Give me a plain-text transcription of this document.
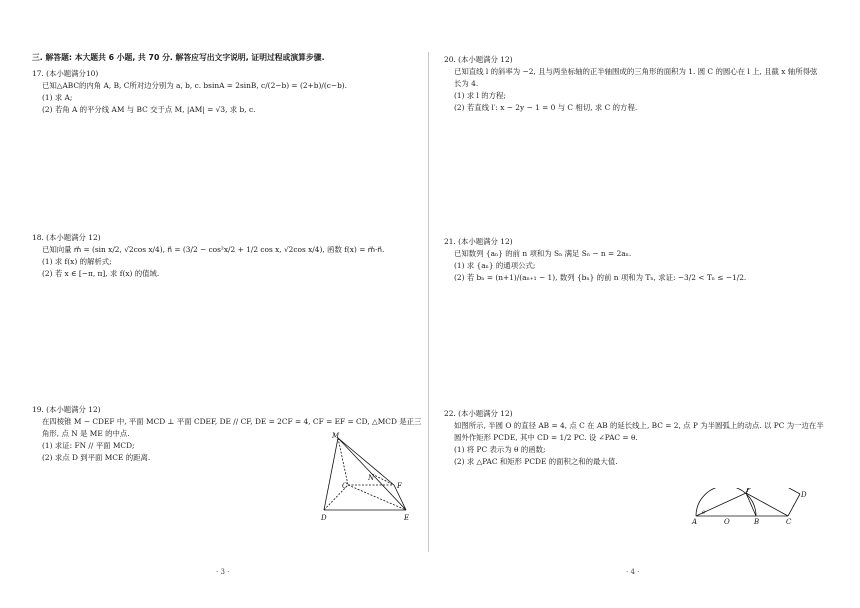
三. 解答题: 本大题共 6 小题, 共 70 分. 解答应写出文字说明, 证明过程或演算步骤.
17. (本小题满分10)
已知△ABC的内角 A, B, C所对边分别为 a, b, c. bsinA = 2sinB, c/(2−b) = (2+b)/(c−b).
(1) 求 A;
(2) 若角 A 的平分线 AM 与 BC 交于点 M, |AM| = √3, 求 b, c.
18. (本小题满分 12)
已知向量 m⃗ = (sin x/2, √2cos x/4), n⃗ = (3/2 − cos²x/2 + 1/2 cos x, √2cos x/4), 函数 f(x) = m⃗·n⃗.
(1) 求 f(x) 的解析式;
(2) 若 x ∈ [−π, π], 求 f(x) 的值域.
19. (本小题满分 12)
在四棱锥 M − CDEF 中, 平面 MCD ⊥ 平面 CDEF, DE // CF, DE = 2CF = 4, CF = EF = CD, △MCD 是正三
角形, 点 N 是 ME 的中点.
(1) 求证: FN // 平面 MCD;
(2) 求点 D 到平面 MCE 的距离.
M
N
C	F
D	E
20. (本小题满分 12)
已知直线 l 的斜率为 −2, 且与两坐标轴的正半轴围成的三角形的面积为 1. 圆 C 的圆心在 l 上, 且截 x 轴所得弦
长为 4.
(1) 求 l 的方程;
(2) 若直线 l′: x − 2y − 1 = 0 与 C 相切, 求 C 的方程.
21. (本小题满分 12)
已知数列 {aₙ} 的前 n 项和为 Sₙ 满足 Sₙ − n = 2aₙ.
(1) 求 {aₙ} 的通项公式;
(2) 若 bₙ = (n+1)/(aₙ₊₁ − 1), 数列 {bₙ} 的前 n 项和为 Tₙ, 求证: −3/2 < Tₙ ≤ −1/2.
22. (本小题满分 12)
如图所示, 半圆 O 的直径 AB = 4, 点 C 在 AB 的延长线上, BC = 2, 点 P 为半圆弧上的动点. 以 PC 为一边在半
圆外作矩形 PCDE, 其中 CD = 1/2 PC. 设 ∠PAC = θ.
(1) 将 PC 表示为 θ 的函数;
(2) 求 △PAC 和矩形 PCDE 的面积之和的最大值.
A	O	B	C
P
D
θ
· 3 ·	· 4 ·
